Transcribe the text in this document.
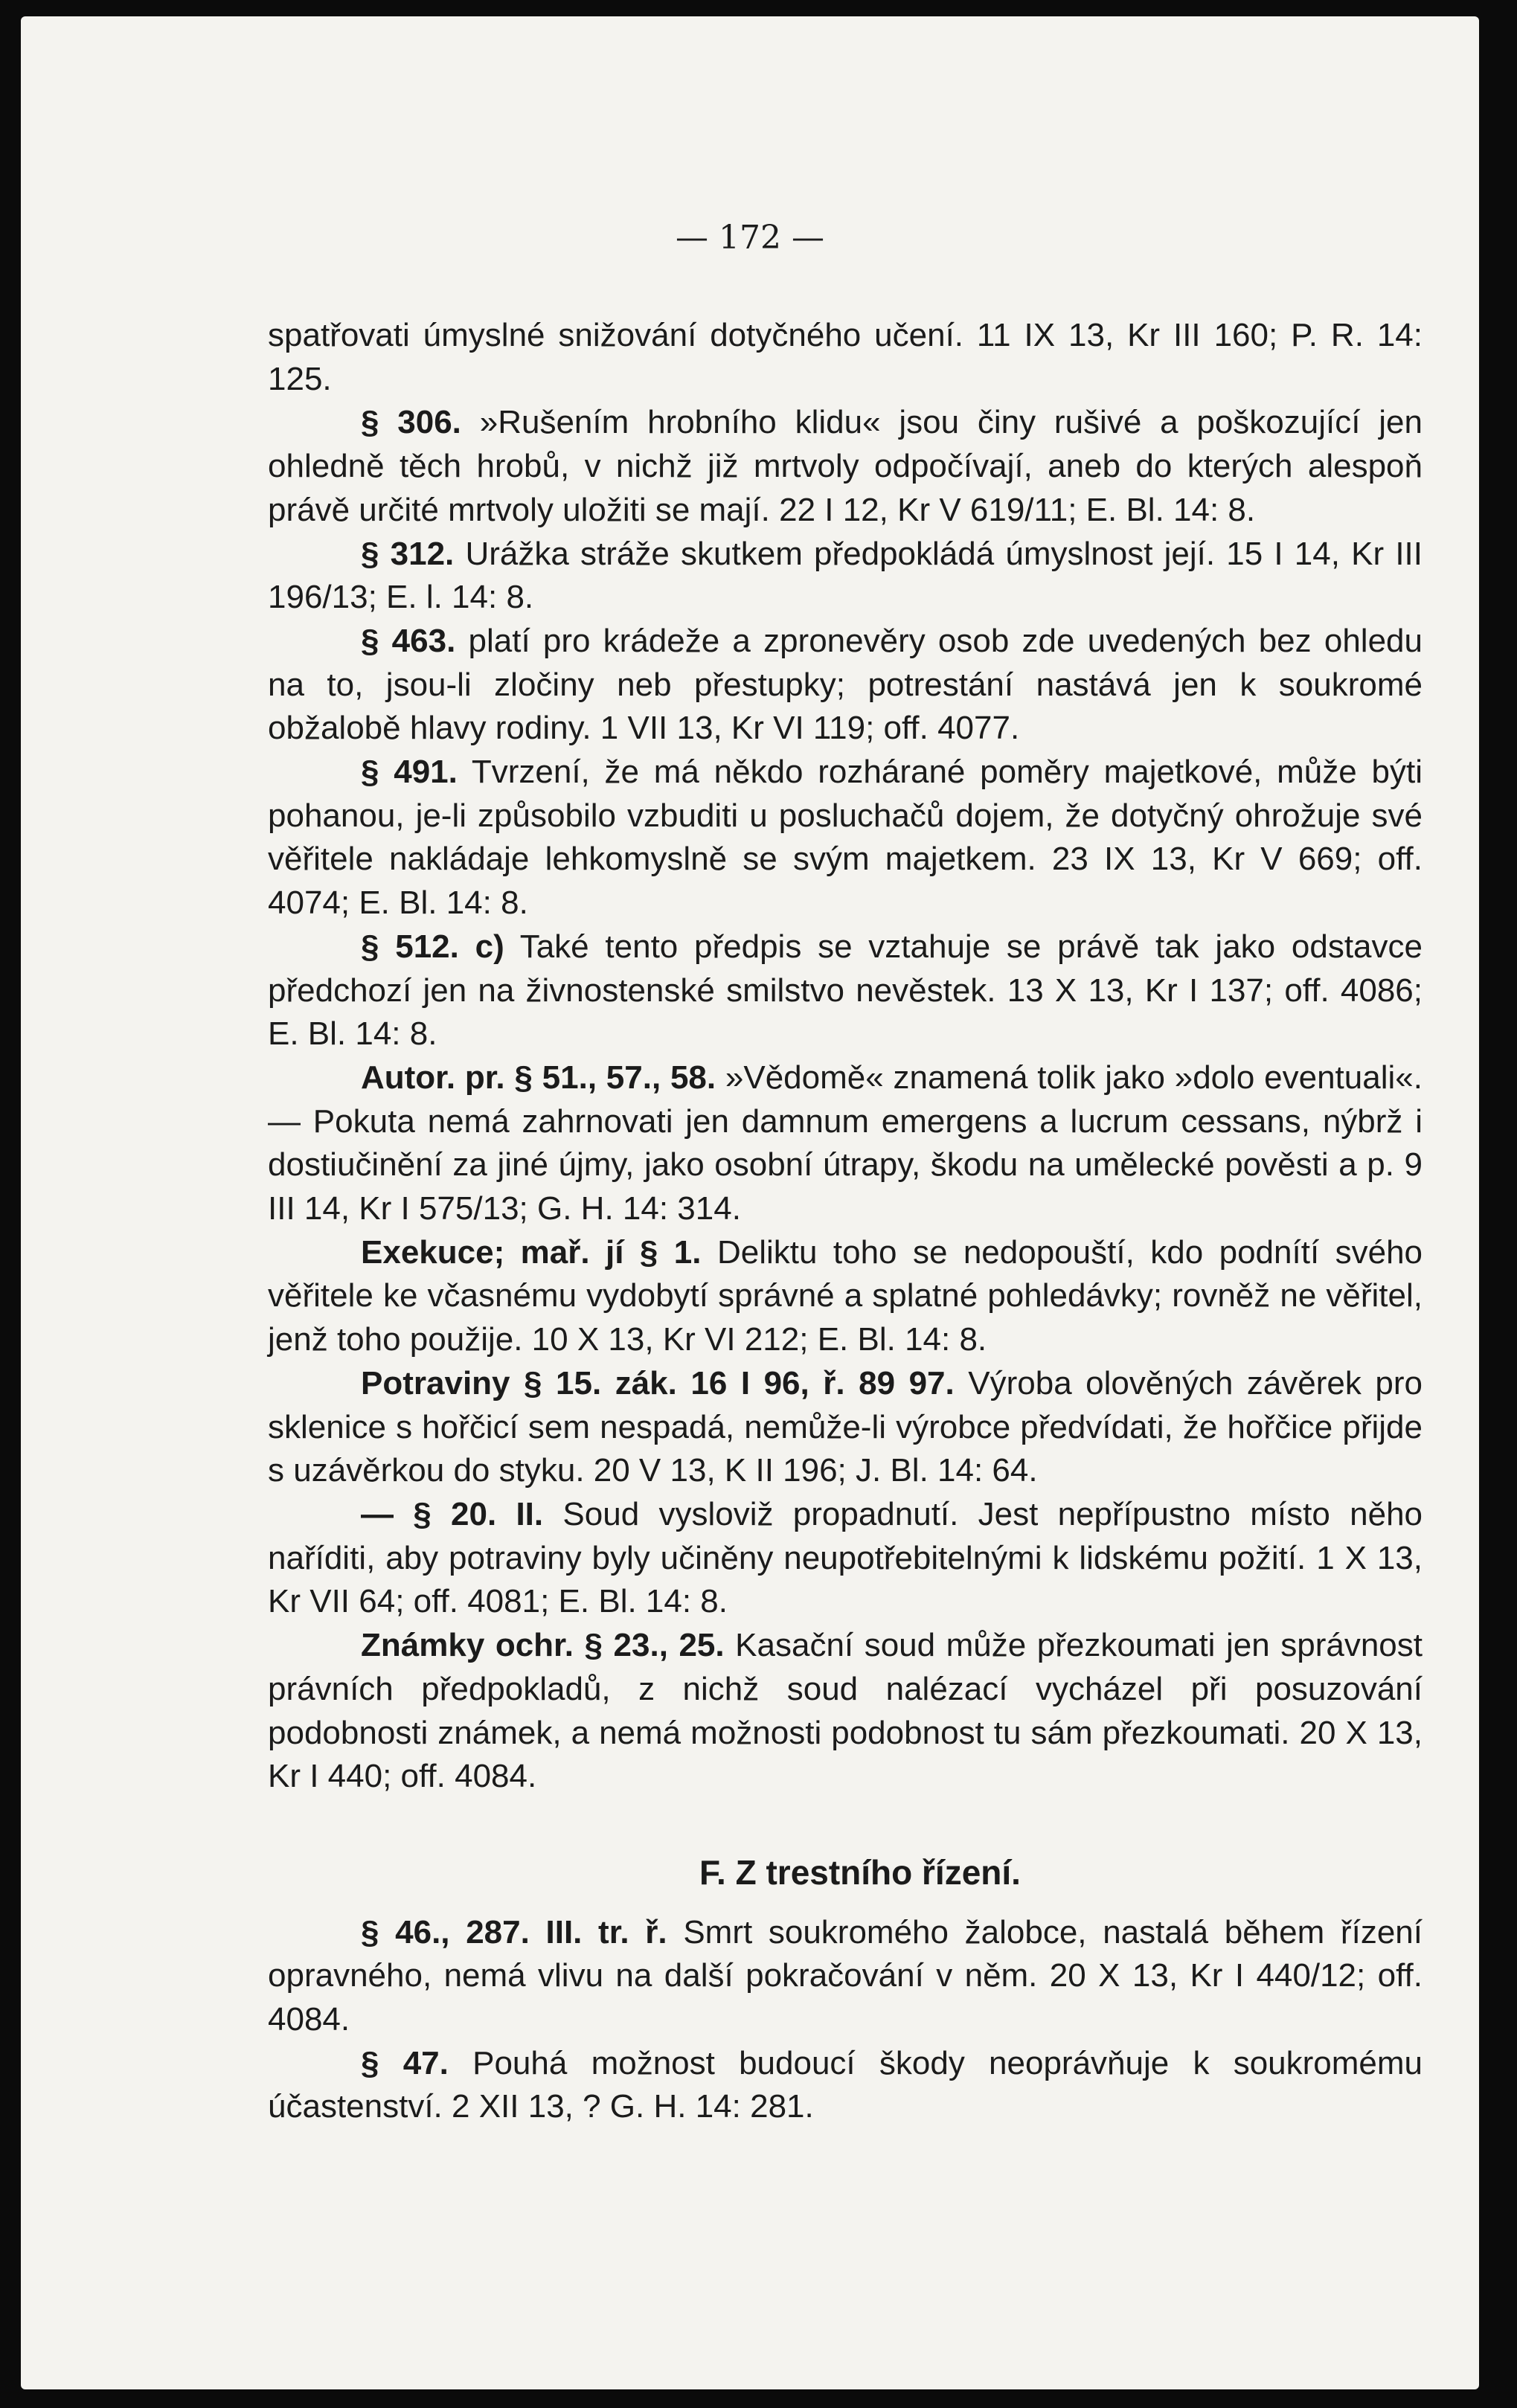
— 172 —

spatřovati úmyslné snižování dotyčného učení. 11 IX 13, Kr III 160; P. R. 14: 125.

§ 306. »Rušením hrobního klidu« jsou činy rušivé a poškozující jen ohledně těch hrobů, v nichž již mrtvoly odpočívají, aneb do kterých alespoň právě určité mrtvoly uložiti se mají. 22 I 12, Kr V 619/11; E. Bl. 14: 8.

§ 312. Urážka stráže skutkem předpokládá úmyslnost její. 15 I 14, Kr III 196/13; E. l. 14: 8.

§ 463. platí pro krádeže a zpronevěry osob zde uvedených bez ohledu na to, jsou-li zločiny neb přestupky; potrestání nastává jen k soukromé obžalobě hlavy rodiny. 1 VII 13, Kr VI 119; off. 4077.

§ 491. Tvrzení, že má někdo rozhárané poměry majetkové, může býti pohanou, je-li způsobilo vzbuditi u posluchačů dojem, že dotyčný ohrožuje své věřitele nakládaje lehkomyslně se svým majetkem. 23 IX 13, Kr V 669; off. 4074; E. Bl. 14: 8.

§ 512. c) Také tento předpis se vztahuje se právě tak jako odstavce předchozí jen na živnostenské smilstvo nevěstek. 13 X 13, Kr I 137; off. 4086; E. Bl. 14: 8.

Autor. pr. § 51., 57., 58. »Vědomě« znamená tolik jako »dolo eventuali«. — Pokuta nemá zahrnovati jen damnum emergens a lucrum cessans, nýbrž i dostiučinění za jiné újmy, jako osobní útrapy, škodu na umělecké pověsti a p. 9 III 14, Kr I 575/13; G. H. 14: 314.

Exekuce; mař. jí § 1. Deliktu toho se nedopouští, kdo podnítí svého věřitele ke včasnému vydobytí správné a splatné pohledávky; rovněž ne věřitel, jenž toho použije. 10 X 13, Kr VI 212; E. Bl. 14: 8.

Potraviny § 15. zák. 16 I 96, ř. 89 97. Výroba olověných závěrek pro sklenice s hořčicí sem nespadá, nemůže-li výrobce předvídati, že hořčice přijde s uzávěrkou do styku. 20 V 13, K II 196; J. Bl. 14: 64.

— § 20. II. Soud vysloviž propadnutí. Jest nepřípustno místo něho naříditi, aby potraviny byly učiněny neupotřebitelnými k lidskému požití. 1 X 13, Kr VII 64; off. 4081; E. Bl. 14: 8.

Známky ochr. § 23., 25. Kasační soud může přezkoumati jen správnost právních předpokladů, z nichž soud nalézací vycházel při posuzování podobnosti známek, a nemá možnosti podobnost tu sám přezkoumati. 20 X 13, Kr I 440; off. 4084.

F. Z trestního řízení.

§ 46., 287. III. tr. ř. Smrt soukromého žalobce, nastalá během řízení opravného, nemá vlivu na další pokračování v něm. 20 X 13, Kr I 440/12; off. 4084.

§ 47. Pouhá možnost budoucí škody neoprávňuje k soukromému účastenství. 2 XII 13, ? G. H. 14: 281.
